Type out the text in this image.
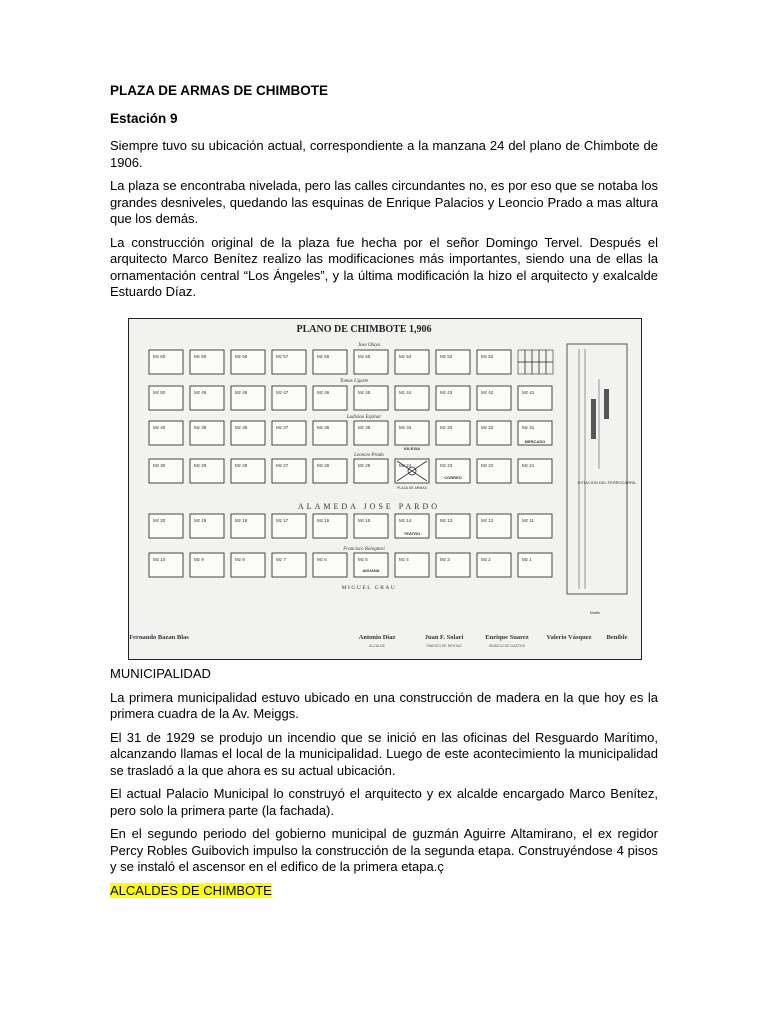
PLAZA DE ARMAS DE CHIMBOTE
Estación 9

Siempre tuvo su ubicación actual, correspondiente a la manzana 24 del plano de Chimbote de 1906.

La plaza se encontraba nivelada, pero las calles circundantes no, es por eso que se notaba los grandes desniveles, quedando las esquinas de Enrique Palacios y Leoncio Prado a mas altura que los demás.

La construcción original de la plaza fue hecha por el señor Domingo Tervel. Después el arquitecto Marco Benítez realizo las modificaciones más importantes, siendo una de ellas la ornamentación central “Los Ángeles”, y la última modificación la hizo el arquitecto y exalcalde Estuardo Díaz.

PLANO DE CHIMBOTE 1,906
Mz 60	Mz 59	Mz 58	Mz 57	Mz 56	Mz 55	Mz 54	Mz 53	Mz 52
Mz 50	Mz 49	Mz 48	Mz 47	Mz 46	Mz 45	Mz 44	Mz 43	Mz 42	Mz 41
Mz 40	Mz 39	Mz 38	Mz 37	Mz 36	Mz 35	Mz 34	Mz 33	Mz 32	Mz 31
Mz 30	Mz 29	Mz 28	Mz 27	Mz 26	Mz 25	Mz 24	Mz 23	Mz 22	Mz 21
Mz 20	Mz 19	Mz 18	Mz 17	Mz 16	Mz 15	Mz 14	Mz 13	Mz 12	Mz 11
Mz 10	Mz 9	Mz 8	Mz 7	Mz 6	Mz 5	Mz 4	Mz 3	Mz 2	Mz 1
Jose Olaya
Tomas Ugarte
Ladislao Espinar
Leoncio Prado
ALAMEDA JOSE PARDO
Francisco Bolognesi
MIGUEL GRAU
PLAZA DE ARMAS
IGLESIA
MERCADO
CORREO
TEATRO
ADUANA
ESTACION DEL FERROCARRIL
Muelle
Fernando Bazan Blas	Antonio Diaz	Juan F. Solari	Enrique Suarez	Valerio Vásquez Benible
ALCALDE	SINDICO DE RENTAS	SINDICO DE GASTOS
MUNICIPALIDAD

La primera municipalidad estuvo ubicado en una construcción de madera en la que hoy es la primera cuadra de la Av. Meiggs.

El 31 de 1929 se produjo un incendio que se inició en las oficinas del Resguardo Marítimo, alcanzando llamas el local de la municipalidad. Luego de este acontecimiento la municipalidad se trasladó a la que ahora es su actual ubicación.

El actual Palacio Municipal lo construyó el arquitecto y ex alcalde encargado Marco Benítez, pero solo la primera parte (la fachada).

En el segundo periodo del gobierno municipal de guzmán Aguirre Altamirano, el ex regidor Percy Robles Guibovich impulso la construcción de la segunda etapa. Construyéndose 4 pisos y se instaló el ascensor en el edifico de la primera etapa.ç

ALCALDES DE CHIMBOTE
